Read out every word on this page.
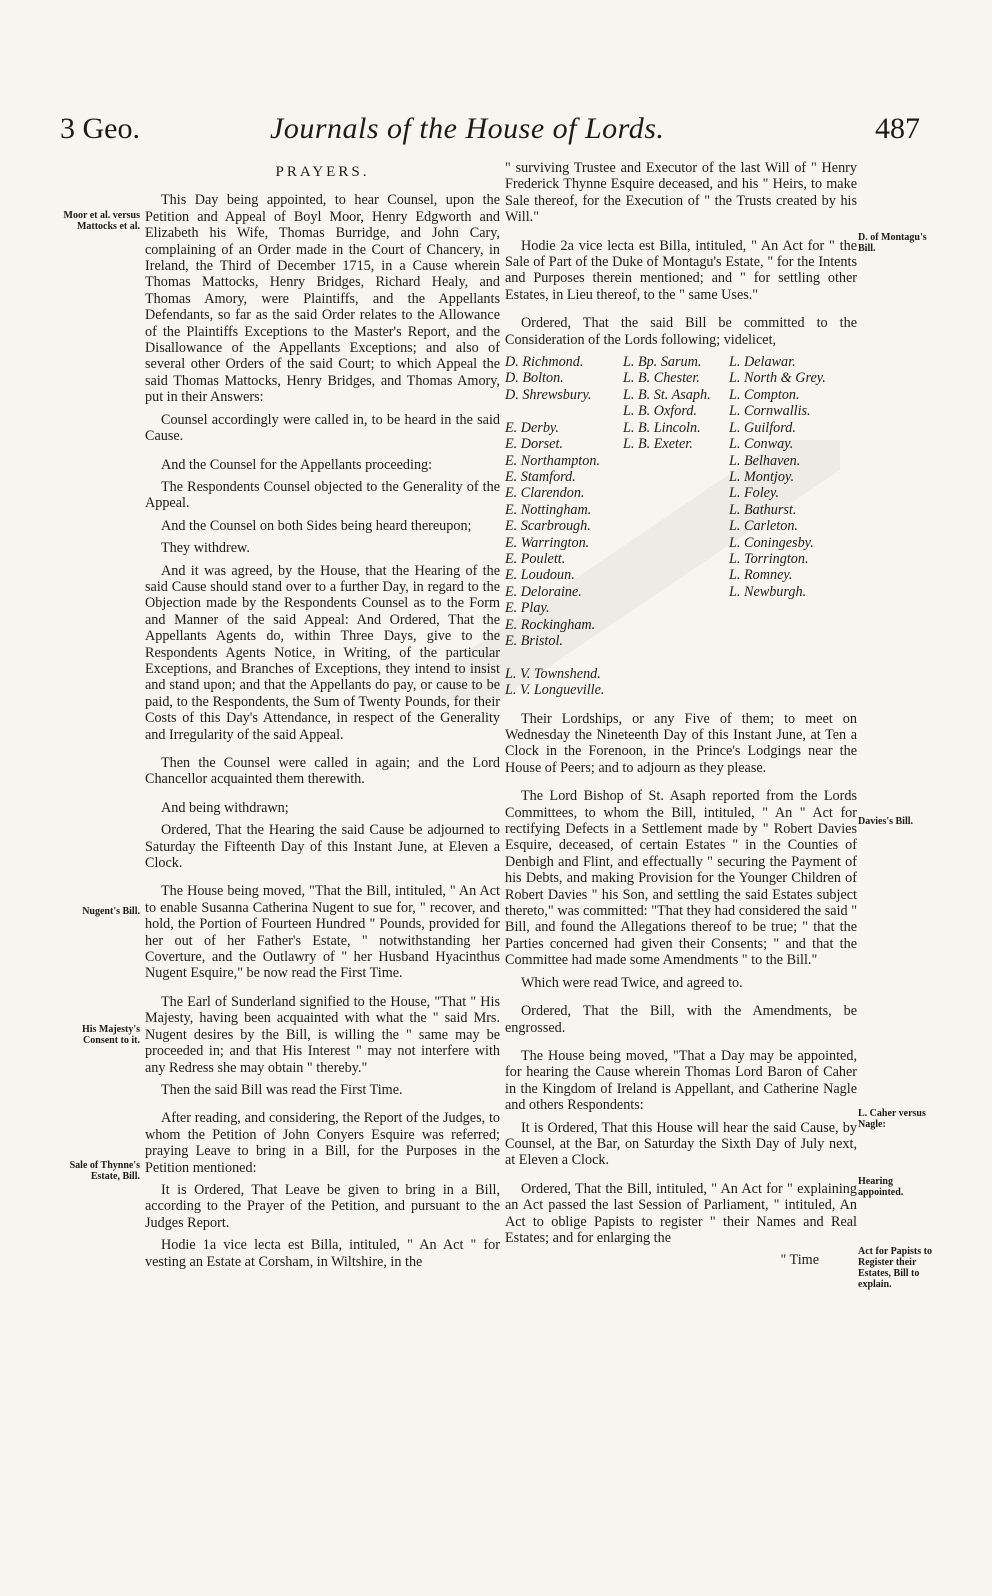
3 Geo.	Journals of the House of Lords.	487
Moor et al. versus Mattocks et al.
Nugent's Bill.
His Majesty's Consent to it.
Sale of Thynne's Estate, Bill.
D. of Montagu's Bill.
Davies's Bill.
L. Caher versus Nagle:
Hearing appointed.
Act for Papists to Register their Estates, Bill to explain.

PRAYERS.

This Day being appointed, to hear Counsel, upon the Petition and Appeal of Boyl Moor, Henry Edgworth and Elizabeth his Wife, Thomas Burridge, and John Cary, complaining of an Order made in the Court of Chancery, in Ireland, the Third of December 1715, in a Cause wherein Thomas Mattocks, Henry Bridges, Richard Healy, and Thomas Amory, were Plaintiffs, and the Appellants Defendants, so far as the said Order relates to the Allowance of the Plaintiffs Exceptions to the Master's Report, and the Disallowance of the Appellants Exceptions; and also of several other Orders of the said Court; to which Appeal the said Thomas Mattocks, Henry Bridges, and Thomas Amory, put in their Answers:

Counsel accordingly were called in, to be heard in the said Cause.

And the Counsel for the Appellants proceeding:

The Respondents Counsel objected to the Generality of the Appeal.

And the Counsel on both Sides being heard thereupon;

They withdrew.

And it was agreed, by the House, that the Hearing of the said Cause should stand over to a further Day, in regard to the Objection made by the Respondents Counsel as to the Form and Manner of the said Appeal: And Ordered, That the Appellants Agents do, within Three Days, give to the Respondents Agents Notice, in Writing, of the particular Exceptions, and Branches of Exceptions, they intend to insist and stand upon; and that the Appellants do pay, or cause to be paid, to the Respondents, the Sum of Twenty Pounds, for their Costs of this Day's Attendance, in respect of the Generality and Irregularity of the said Appeal.

Then the Counsel were called in again; and the Lord Chancellor acquainted them therewith.

And being withdrawn;

Ordered, That the Hearing the said Cause be adjourned to Saturday the Fifteenth Day of this Instant June, at Eleven a Clock.

The House being moved, "That the Bill, intituled, " An Act to enable Susanna Catherina Nugent to sue for, " recover, and hold, the Portion of Fourteen Hundred " Pounds, provided for her out of her Father's Estate, " notwithstanding her Coverture, and the Outlawry of " her Husband Hyacinthus Nugent Esquire," be now read the First Time.

The Earl of Sunderland signified to the House, "That " His Majesty, having been acquainted with what the " said Mrs. Nugent desires by the Bill, is willing the " same may be proceeded in; and that His Interest " may not interfere with any Redress she may obtain " thereby."

Then the said Bill was read the First Time.

After reading, and considering, the Report of the Judges, to whom the Petition of John Conyers Esquire was referred; praying Leave to bring in a Bill, for the Purposes in the Petition mentioned:

It is Ordered, That Leave be given to bring in a Bill, according to the Prayer of the Petition, and pursuant to the Judges Report.

Hodie 1a vice lecta est Billa, intituled, " An Act " for vesting an Estate at Corsham, in Wiltshire, in the

" surviving Trustee and Executor of the last Will of " Henry Frederick Thynne Esquire deceased, and his " Heirs, to make Sale thereof, for the Execution of " the Trusts created by his Will."

Hodie 2a vice lecta est Billa, intituled, " An Act for " the Sale of Part of the Duke of Montagu's Estate, " for the Intents and Purposes therein mentioned; and " for settling other Estates, in Lieu thereof, to the " same Uses."

Ordered, That the said Bill be committed to the Consideration of the Lords following; videlicet,

D. Richmond.
D. Bolton.
D. Shrewsbury.

E. Derby.
E. Dorset.
E. Northampton.
E. Stamford.
E. Clarendon.
E. Nottingham.
E. Scarbrough.
E. Warrington.
E. Poulett.
E. Loudoun.
E. Deloraine.
E. Play.
E. Rockingham.
E. Bristol.

L. V. Townshend.
L. V. Longueville.
L. Bp. Sarum.
L. B. Chester.
L. B. St. Asaph.
L. B. Oxford.
L. B. Lincoln.
L. B. Exeter.
L. Delawar.
L. North & Grey.
L. Compton.
L. Cornwallis.
L. Guilford.
L. Conway.
L. Belhaven.
L. Montjoy.
L. Foley.
L. Bathurst.
L. Carleton.
L. Coningesby.
L. Torrington.
L. Romney.
L. Newburgh.

Their Lordships, or any Five of them; to meet on Wednesday the Nineteenth Day of this Instant June, at Ten a Clock in the Forenoon, in the Prince's Lodgings near the House of Peers; and to adjourn as they please.

The Lord Bishop of St. Asaph reported from the Lords Committees, to whom the Bill, intituled, " An " Act for rectifying Defects in a Settlement made by " Robert Davies Esquire, deceased, of certain Estates " in the Counties of Denbigh and Flint, and effectually " securing the Payment of his Debts, and making Provision for the Younger Children of Robert Davies " his Son, and settling the said Estates subject thereto," was committed: "That they had considered the said " Bill, and found the Allegations thereof to be true; " that the Parties concerned had given their Consents; " and that the Committee had made some Amendments " to the Bill."

Which were read Twice, and agreed to.

Ordered, That the Bill, with the Amendments, be engrossed.

The House being moved, "That a Day may be appointed, for hearing the Cause wherein Thomas Lord Baron of Caher in the Kingdom of Ireland is Appellant, and Catherine Nagle and others Respondents:

It is Ordered, That this House will hear the said Cause, by Counsel, at the Bar, on Saturday the Sixth Day of July next, at Eleven a Clock.

Ordered, That the Bill, intituled, " An Act for " explaining an Act passed the last Session of Parliament, " intituled, An Act to oblige Papists to register " their Names and Real Estates; and for enlarging the

" Time
